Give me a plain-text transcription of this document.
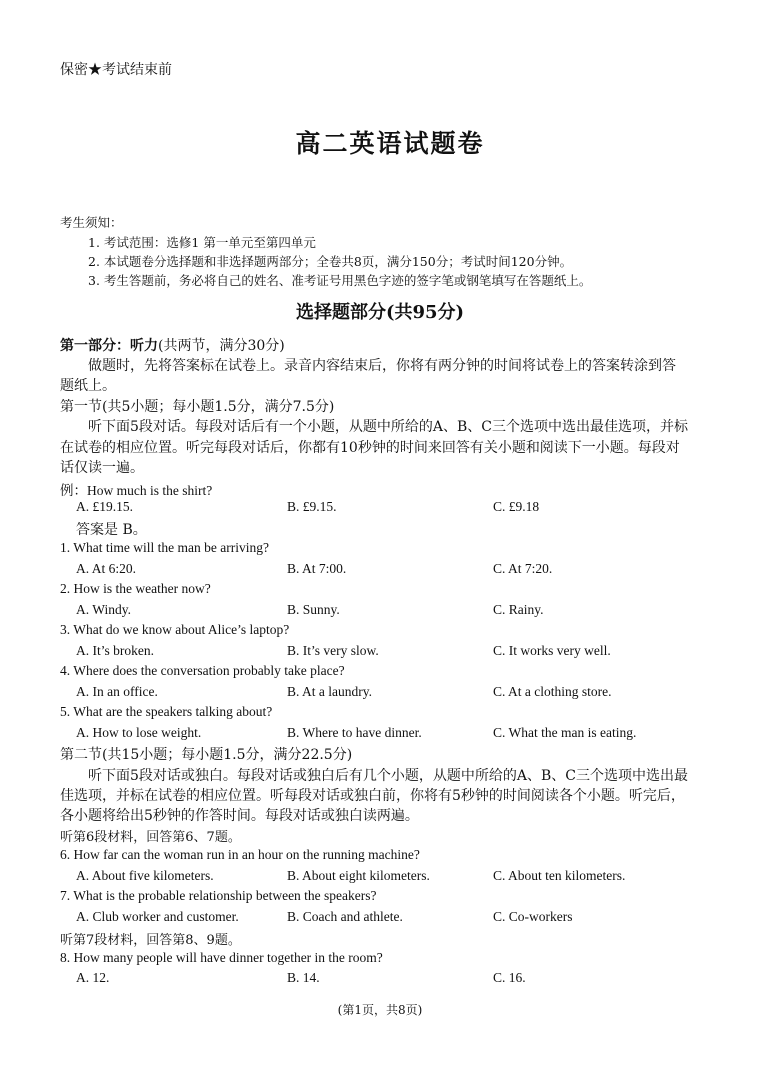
保密★考试结束前
高二英语试题卷
考生须知：
1. 考试范围：选修1 第一单元至第四单元
2. 本试题卷分选择题和非选择题两部分；全卷共8页，满分150分；考试时间120分钟。
3. 考生答题前，务必将自己的姓名、准考证号用黑色字迹的签字笔或钢笔填写在答题纸上。
选择题部分(共95分)
第一部分：听力(共两节，满分30分)
做题时，先将答案标在试卷上。录音内容结束后，你将有两分钟的时间将试卷上的答案转涂到答
题纸上。
第一节(共5小题；每小题1.5分，满分7.5分)
听下面5段对话。每段对话后有一个小题，从题中所给的A、B、C三个选项中选出最佳选项，并标
在试卷的相应位置。听完每段对话后，你都有10秒钟的时间来回答有关小题和阅读下一小题。每段对
话仅读一遍。
例：How much is the shirt?
A. £19.15.	B. £9.15.	C. £9.18
答案是 B。
1. What time will the man be arriving?
A. At 6:20.	B. At 7:00.	C. At 7:20.
2. How is the weather now?
A. Windy.	B. Sunny.	C. Rainy.
3. What do we know about Alice’s laptop?
A. It’s broken.	B. It’s very slow.	C. It works very well.
4. Where does the conversation probably take place?
A. In an office.	B. At a laundry.	C. At a clothing store.
5. What are the speakers talking about?
A. How to lose weight.	B. Where to have dinner.	C. What the man is eating.
第二节(共15小题；每小题1.5分，满分22.5分)
听下面5段对话或独白。每段对话或独白后有几个小题，从题中所给的A、B、C三个选项中选出最
佳选项，并标在试卷的相应位置。听每段对话或独白前，你将有5秒钟的时间阅读各个小题。听完后，
各小题将给出5秒钟的作答时间。每段对话或独白读两遍。
听第6段材料，回答第6、7题。
6. How far can the woman run in an hour on the running machine?
A. About five kilometers.	B. About eight kilometers.	C. About ten kilometers.
7. What is the probable relationship between the speakers?
A. Club worker and customer.	B. Coach and athlete.	C. Co-workers
听第7段材料，回答第8、9题。
8. How many people will have dinner together in the room?
A. 12.	B. 14.	C. 16.
(第1页，共8页)
